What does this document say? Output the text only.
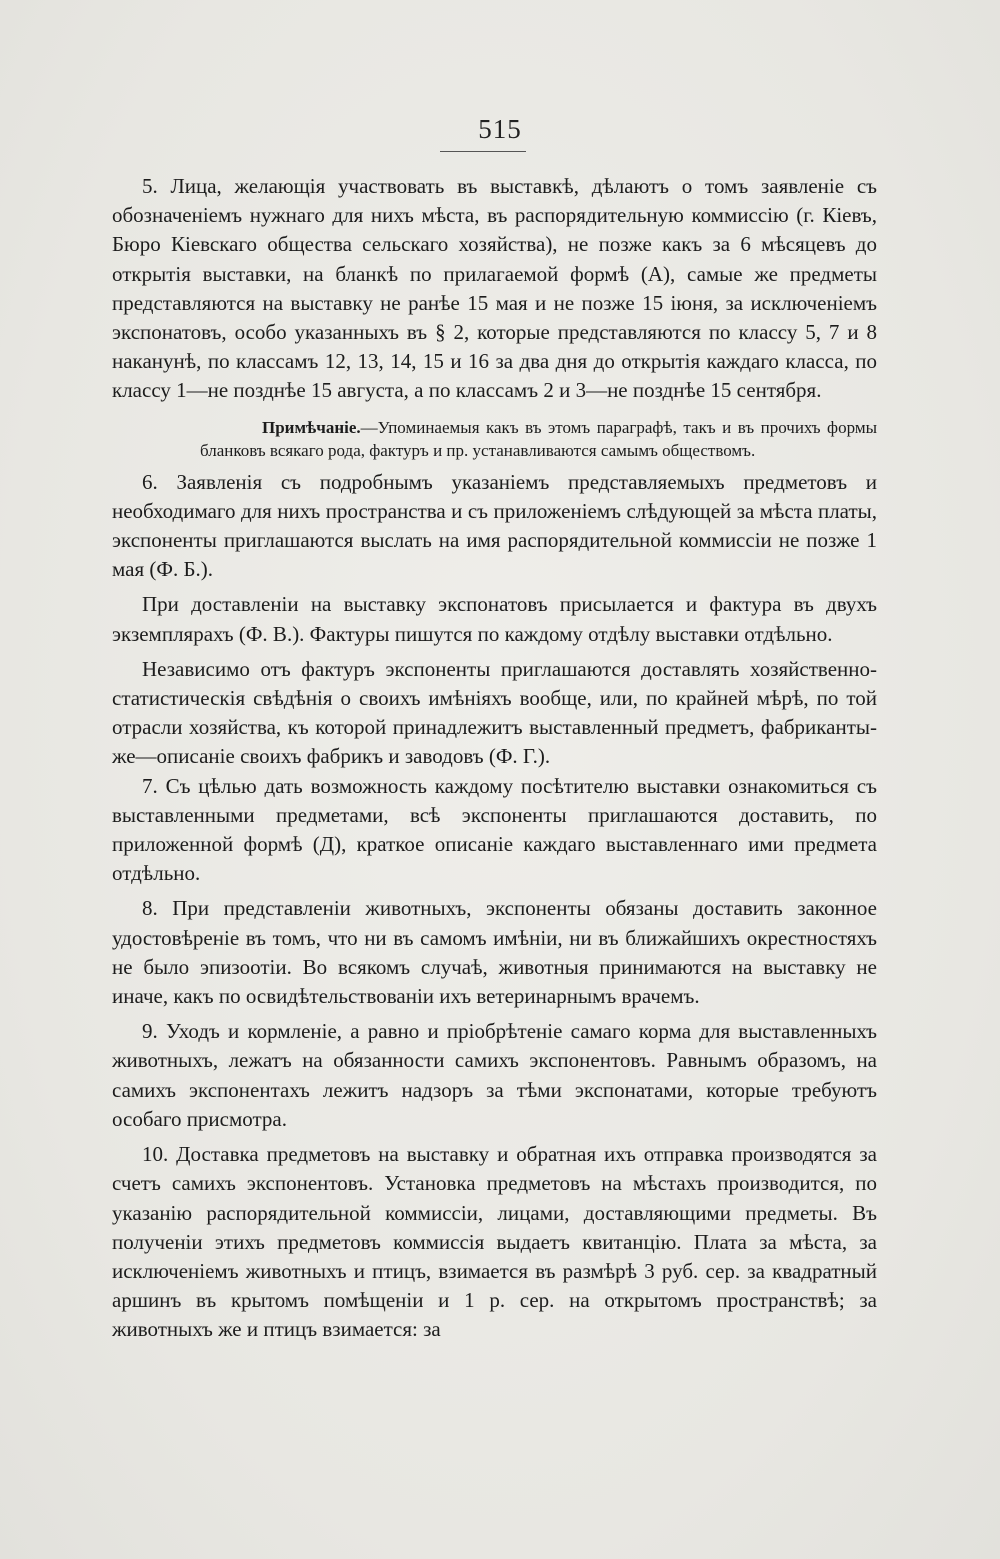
515

5. Лица, желающія участвовать въ выставкѣ, дѣлаютъ о томъ заявленіе съ обозначеніемъ нужнаго для нихъ мѣста, въ распорядительную коммиссію (г. Кіевъ, Бюро Кіевскаго общества сельскаго хозяйства), не позже какъ за 6 мѣсяцевъ до открытія выставки, на бланкѣ по прилагаемой формѣ (А), самые же предметы представляются на выставку не ранѣе 15 мая и не позже 15 іюня, за исключеніемъ экспонатовъ, особо указанныхъ въ § 2, которые представляются по классу 5, 7 и 8 наканунѣ, по классамъ 12, 13, 14, 15 и 16 за два дня до открытія каждаго класса, по классу 1—не позднѣе 15 августа, а по классамъ 2 и 3—не позднѣе 15 сентября.

Примѣчаніе.—Упоминаемыя какъ въ этомъ параграфѣ, такъ и въ прочихъ формы бланковъ всякаго рода, фактуръ и пр. устанавливаются самымъ обществомъ.

6. Заявленія съ подробнымъ указаніемъ представляемыхъ предметовъ и необходимаго для нихъ пространства и съ приложеніемъ слѣдующей за мѣста платы, экспоненты приглашаются выслать на имя распорядительной коммиссіи не позже 1 мая (Ф. Б.).

При доставленіи на выставку экспонатовъ присылается и фактура въ двухъ экземплярахъ (Ф. В.). Фактуры пишутся по каждому отдѣлу выставки отдѣльно.

Независимо отъ фактуръ экспоненты приглашаются доставлять хозяйственно-статистическія свѣдѣнія о своихъ имѣніяхъ вообще, или, по крайней мѣрѣ, по той отрасли хозяйства, къ которой принадлежитъ выставленный предметъ, фабриканты-же—описаніе своихъ фабрикъ и заводовъ (Ф. Г.).

7. Съ цѣлью дать возможность каждому посѣтителю выставки ознакомиться съ выставленными предметами, всѣ экспоненты приглашаются доставить, по приложенной формѣ (Д), краткое описаніе каждаго выставленнаго ими предмета отдѣльно.

8. При представленіи животныхъ, экспоненты обязаны доставить законное удостовѣреніе въ томъ, что ни въ самомъ имѣніи, ни въ ближайшихъ окрестностяхъ не было эпизоотіи. Во всякомъ случаѣ, животныя принимаются на выставку не иначе, какъ по освидѣтельствованіи ихъ ветеринарнымъ врачемъ.

9. Уходъ и кормленіе, а равно и пріобрѣтеніе самаго корма для выставленныхъ животныхъ, лежатъ на обязанности самихъ экспонентовъ. Равнымъ образомъ, на самихъ экспонентахъ лежитъ надзоръ за тѣми экспонатами, которые требуютъ особаго присмотра.

10. Доставка предметовъ на выставку и обратная ихъ отправка производятся за счетъ самихъ экспонентовъ. Установка предметовъ на мѣстахъ производится, по указанію распорядительной коммиссіи, лицами, доставляющими предметы. Въ полученіи этихъ предметовъ коммиссія выдаетъ квитанцію. Плата за мѣста, за исключеніемъ животныхъ и птицъ, взимается въ размѣрѣ 3 руб. сер. за квадратный аршинъ въ крытомъ помѣщеніи и 1 р. сер. на открытомъ пространствѣ; за животныхъ же и птицъ взимается: за
